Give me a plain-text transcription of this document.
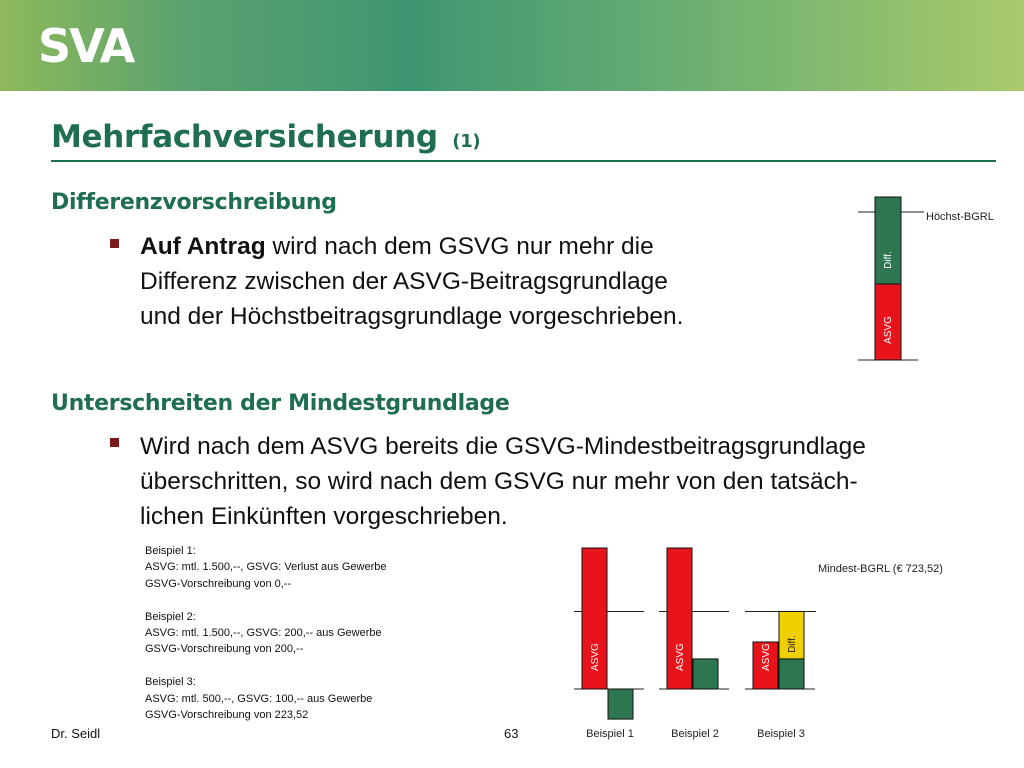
SVA
Mehrfachversicherung (1)
Differenzvorschreibung

Auf Antrag wird nach dem GSVG nur mehr die
Differenz zwischen der ASVG-Beitragsgrundlage
und der Höchstbeitragsgrundlage vorgeschrieben.

Unterschreiten der Mindestgrundlage

Wird nach dem ASVG bereits die GSVG-Mindestbeitragsgrundlage
überschritten, so wird nach dem GSVG nur mehr von den tatsäch-
lichen Einkünften vorgeschrieben.

Beispiel 1:
ASVG: mtl. 1.500,--, GSVG: Verlust aus Gewerbe
GSVG-Vorschreibung von 0,--
Beispiel 2:
ASVG: mtl. 1.500,--, GSVG: 200,-- aus Gewerbe
GSVG-Vorschreibung von 200,--
Beispiel 3:
ASVG: mtl. 500,--, GSVG: 100,-- aus Gewerbe
GSVG-Vorschreibung von 223,52
Diff.
ASVG
Höchst-BGRL
ASVG
Beispiel 1
ASVG
Beispiel 2
ASVG Diff.
Beispiel 3
Mindest-BGRL (€ 723,52)
Dr. Seidl	63
